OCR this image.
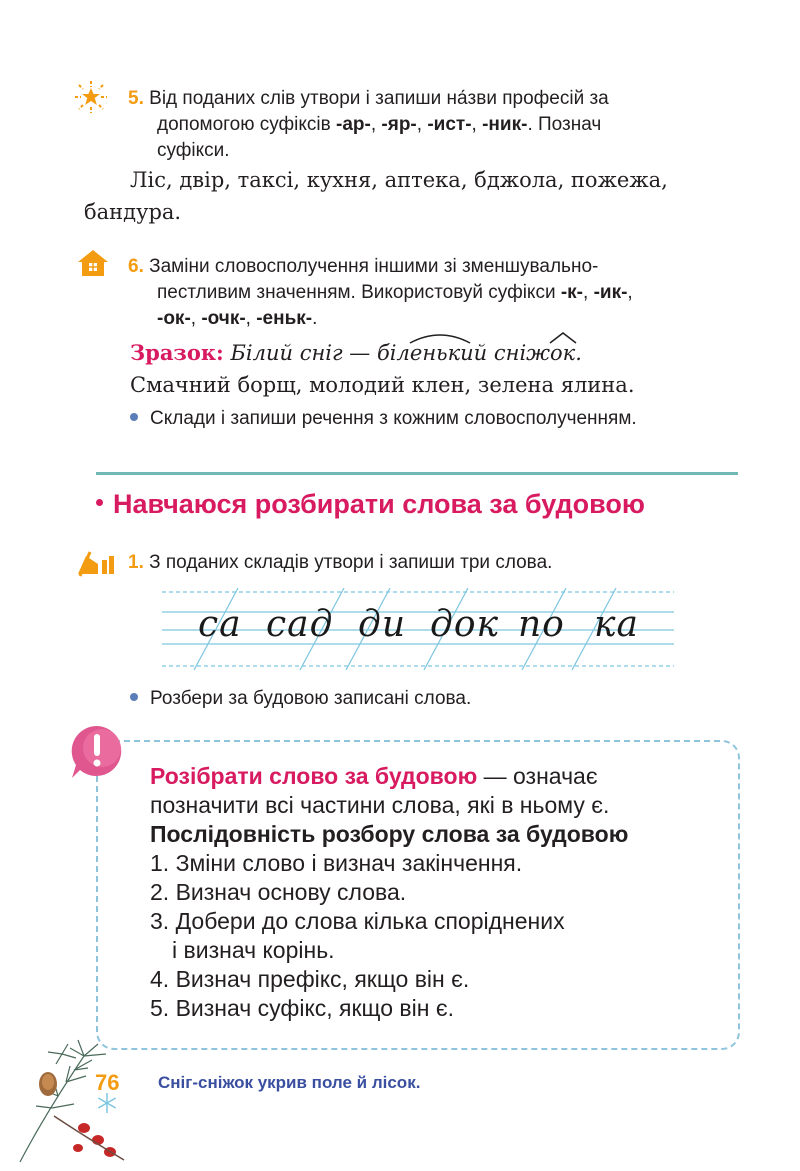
5. Від поданих слів утвори і запиши на́зви професій за
допомогою суфіксів -ар-, -яр-, -ист-, -ник-. Познач
суфікси.
Ліс, двір, таксі, кухня, аптека, бджола, пожежа,
бандура.
6. Заміни словосполучення іншими зі зменшувально-
пестливим значенням. Використовуй суфікси -к-, -ик-,
-ок-, -очк-, -еньк-.
Зразок: Білий сніг — біленьк
ий сніжок
.
Смачний борщ, молодий клен, зелена ялина.
Склади і запиши речення з кожним словосполученням.
Навчаюся розбирати слова за будовою
1. З поданих складів утвори і запиши три слова.
са сад ди док по ка
Розбери за будовою записані слова.
Розібрати слово за будовою — означає
позначити всі частини слова, які в ньому є.
Послідовність розбору слова за будовою
1. Зміни слово і визнач закінчення.
2. Визнач основу слова.
3. Добери до слова кілька споріднених
і визнач корінь.
4. Визнач префікс, якщо він є.
5. Визнач суфікс, якщо він є.
76 Сніг-сніжок укрив поле й лісок.
